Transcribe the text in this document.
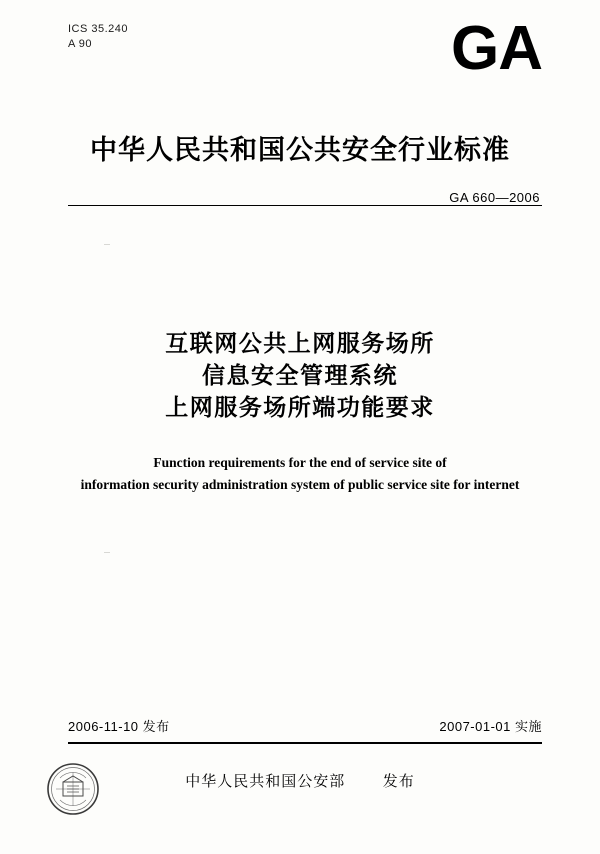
ICS 35.240
A 90	GA
中华人民共和国公共安全行业标准
GA 660—2006
互联网公共上网服务场所
信息安全管理系统
上网服务场所端功能要求
Function requirements for the end of service site of
information security administration system of public service site for internet
2006-11-10 发布	2007-01-01 实施
中华人民共和国公安部	发布
